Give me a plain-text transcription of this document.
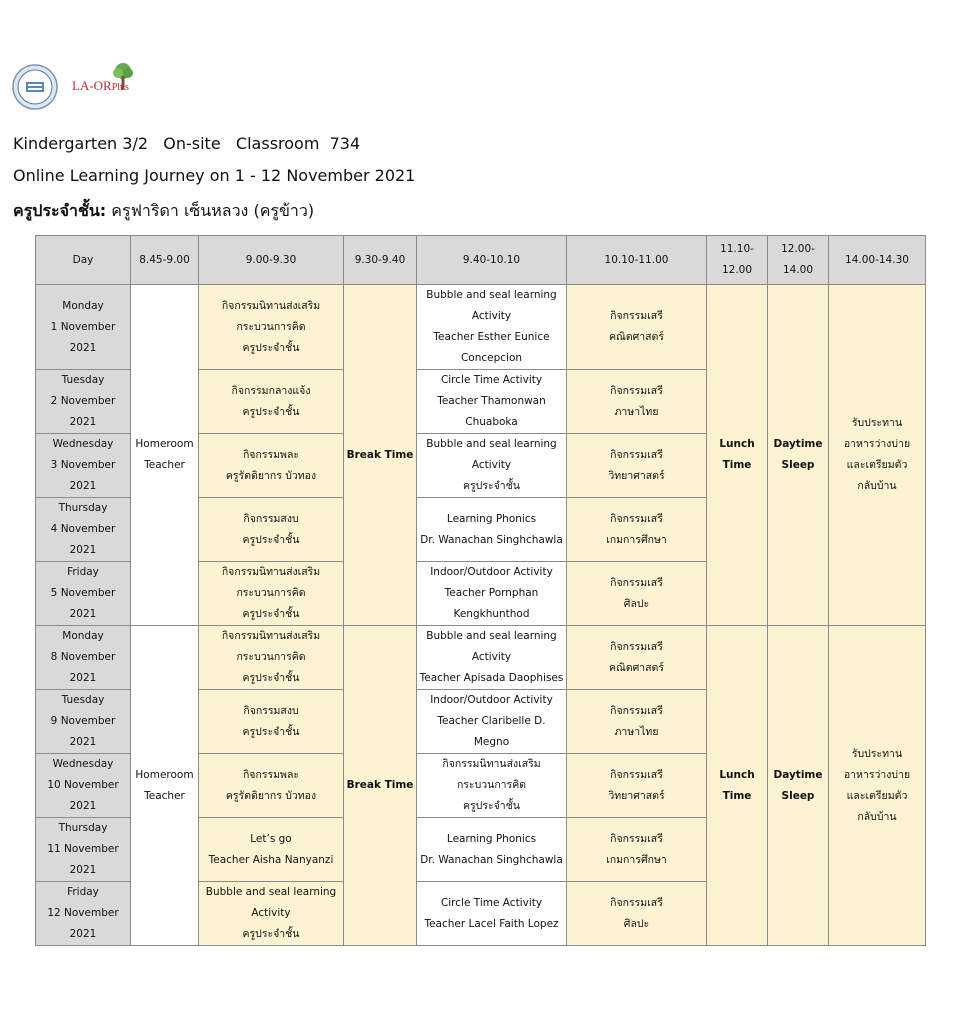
LA-ORPlus
Kindergarten 3/2   On-site   Classroom  734
Online Learning Journey on 1 - 12 November 2021
ครูประจำชั้น: ครูฟาริดา เซ็นหลวง (ครูข้าว)
Day	8.45-9.00	9.00-9.30	9.30-9.40	9.40-10.10	10.10-11.00	11.10-
12.00	12.00-
14.00	14.00-14.30

Monday
1 November
2021	Homeroom
Teacher	กิจกรรมนิทานส่งเสริม
กระบวนการคิด
ครูประจำชั้น	Break Time	Bubble and seal learning
Activity
Teacher Esther Eunice
Concepcion	กิจกรรมเสรี
คณิตศาสตร์	Lunch
Time	Daytime
Sleep	รับประทาน
อาหารว่างบ่าย
และเตรียมตัว
กลับบ้าน

Tuesday
2 November
2021		กิจกรรมกลางแจ้ง
ครูประจำชั้น		Circle Time Activity
Teacher Thamonwan
Chuaboka	กิจกรรมเสรี
ภาษาไทย			

Wednesday
3 November
2021		กิจกรรมพละ
ครูรัตติยากร บัวทอง		Bubble and seal learning
Activity
ครูประจำชั้น	กิจกรรมเสรี
วิทยาศาสตร์			

Thursday
4 November
2021		กิจกรรมสงบ
ครูประจำชั้น		Learning Phonics
Dr. Wanachan Singhchawla	กิจกรรมเสรี
เกมการศึกษา			

Friday
5 November
2021		กิจกรรมนิทานส่งเสริม
กระบวนการคิด
ครูประจำชั้น		Indoor/Outdoor Activity
Teacher Pornphan
Kengkhunthod	กิจกรรมเสรี
ศิลปะ			

Monday
8 November
2021	Homeroom
Teacher	กิจกรรมนิทานส่งเสริม
กระบวนการคิด
ครูประจำชั้น	Break Time	Bubble and seal learning
Activity
Teacher Apisada Daophises	กิจกรรมเสรี
คณิตศาสตร์	Lunch
Time	Daytime
Sleep	รับประทาน
อาหารว่างบ่าย
และเตรียมตัว
กลับบ้าน

Tuesday
9 November
2021		กิจกรรมสงบ
ครูประจำชั้น		Indoor/Outdoor Activity
Teacher Claribelle D. Megno	กิจกรรมเสรี
ภาษาไทย			

Wednesday
10 November
2021		กิจกรรมพละ
ครูรัตติยากร บัวทอง		กิจกรรมนิทานส่งเสริม
กระบวนการคิด
ครูประจำชั้น	กิจกรรมเสรี
วิทยาศาสตร์			

Thursday
11 November
2021		Let’s go
Teacher Aisha Nanyanzi		Learning Phonics
Dr. Wanachan Singhchawla	กิจกรรมเสรี
เกมการศึกษา			

Friday
12 November
2021		Bubble and seal learning
Activity
ครูประจำชั้น		Circle Time Activity
Teacher Lacel Faith Lopez	กิจกรรมเสรี
ศิลปะ			
